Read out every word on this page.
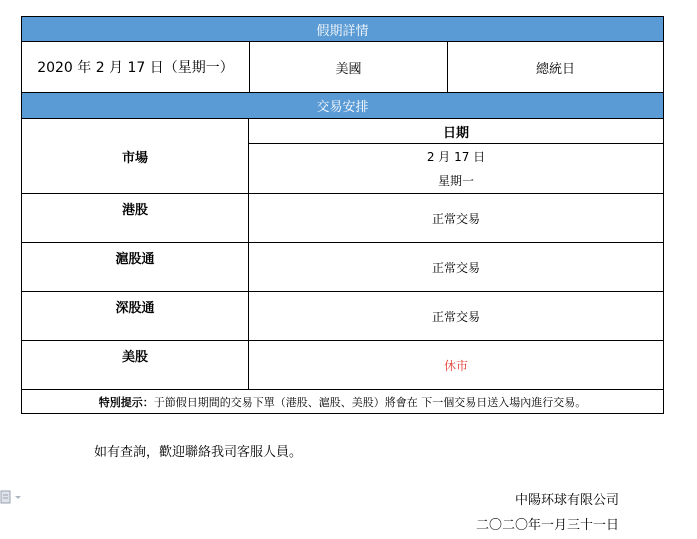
假期詳情
2020 年 2 月 17 日（星期一）	美國	總統日
交易安排
市場
日期
2 月 17 日
星期一
港股
正常交易
滬股通
正常交易
深股通
正常交易
美股
休市
特別提示： 于節假日期間的交易下單（港股、滬股、美股）將會在 下一個交易日送入場內進行交易。
如有查詢，歡迎聯絡我司客服人員。
中陽环球有限公司
二〇二〇年一月三十一日
